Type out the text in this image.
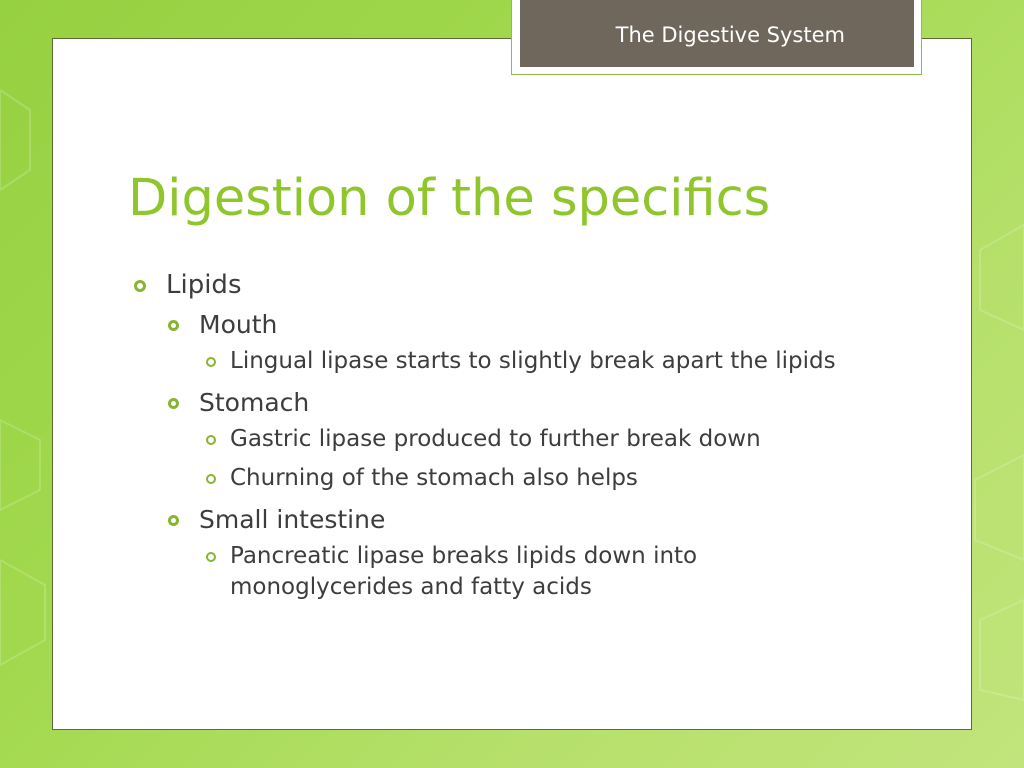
The Digestive System
Digestion of the specifics
Lipids
Mouth
Lingual lipase starts to slightly break apart the lipids
Stomach
Gastric lipase produced to further break down
Churning of the stomach also helps
Small intestine
Pancreatic lipase breaks lipids down into monoglycerides and fatty acids
